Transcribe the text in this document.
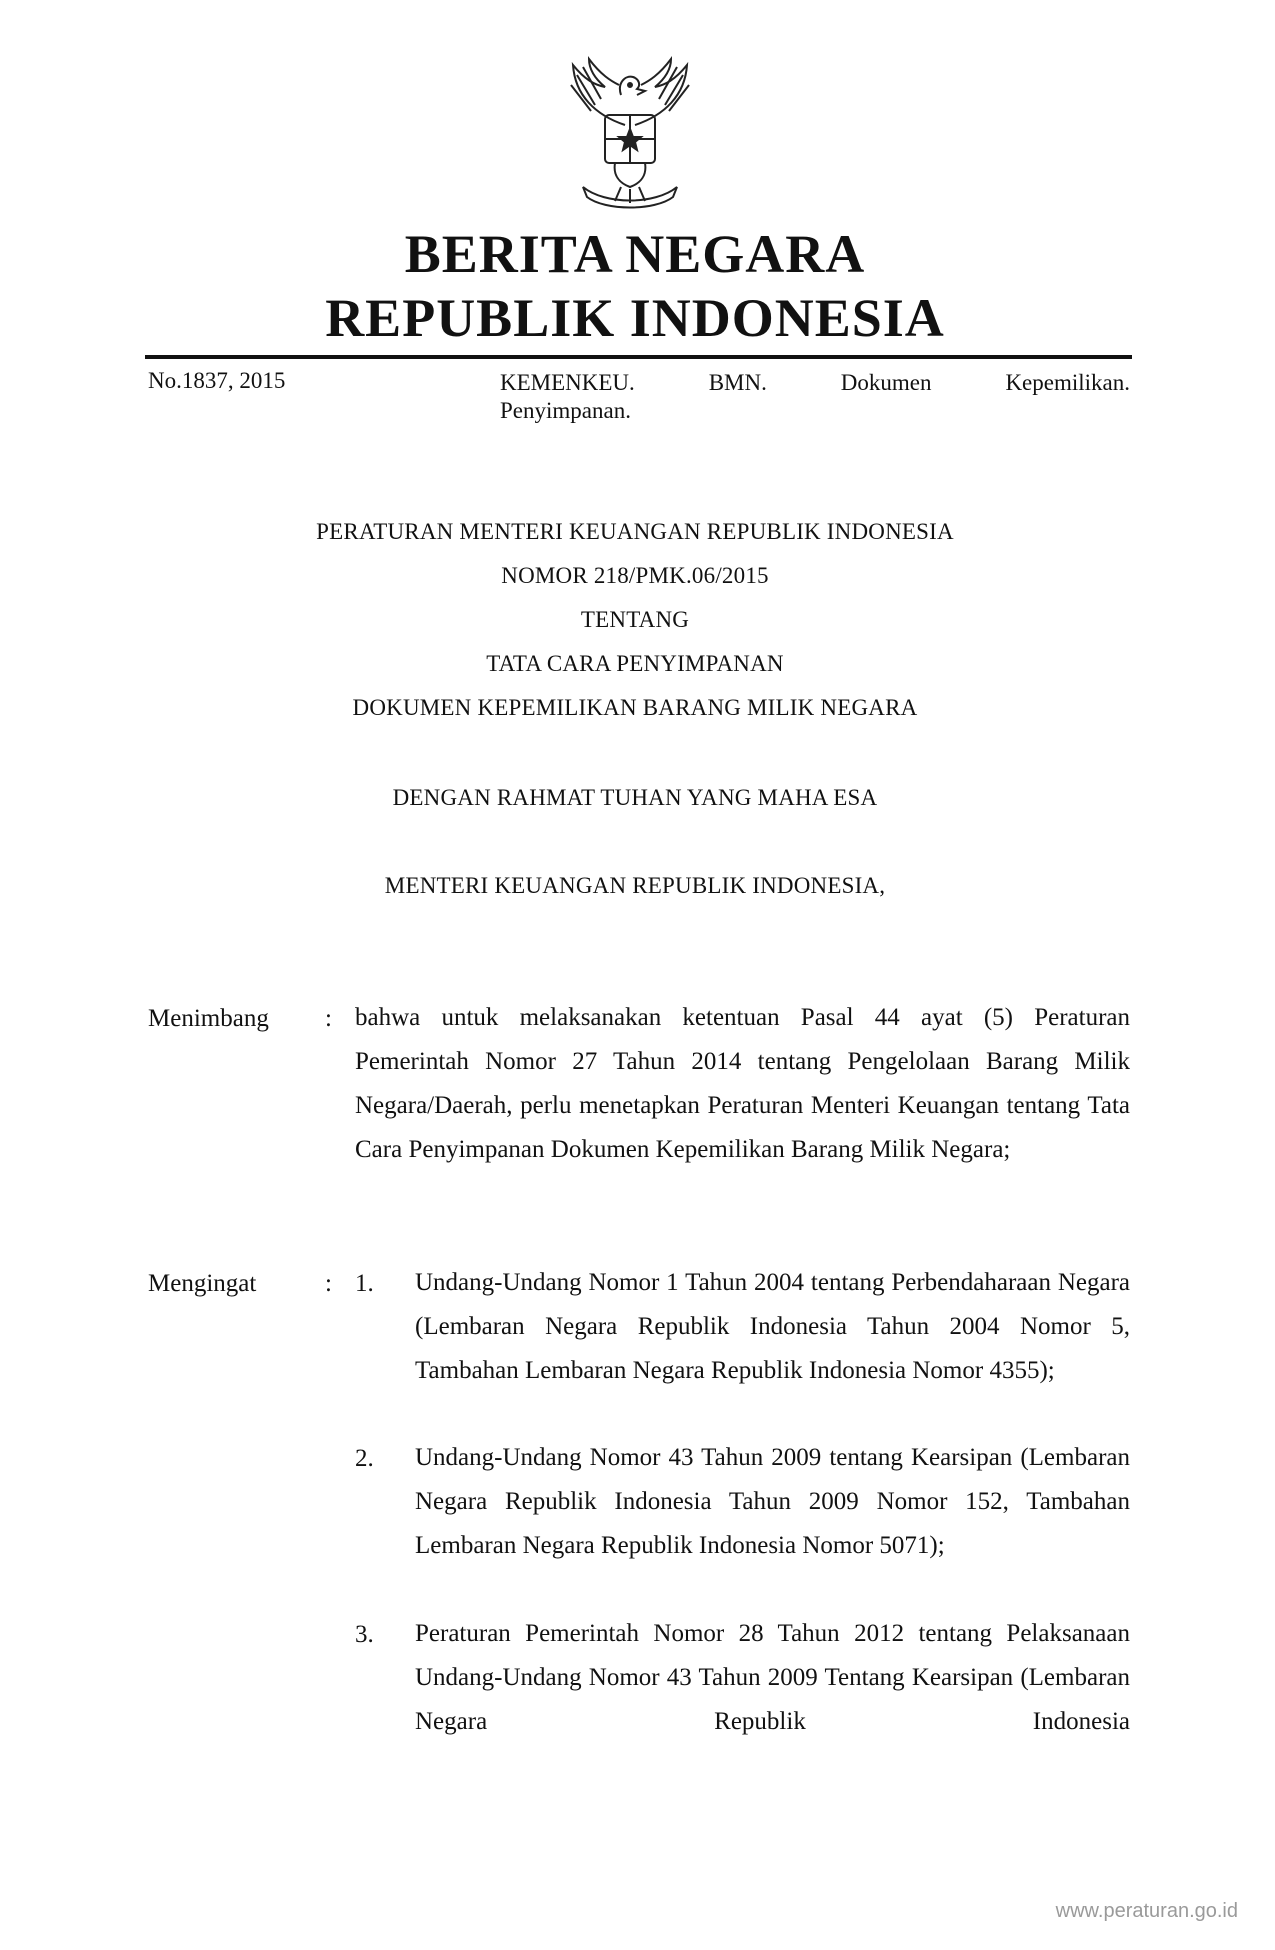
BERITA NEGARA
REPUBLIK INDONESIA
No.1837, 2015	KEMENKEU. BMN. Dokumen Kepemilikan.
Penyimpanan.
PERATURAN MENTERI KEUANGAN REPUBLIK INDONESIA
NOMOR 218/PMK.06/2015
TENTANG
TATA CARA PENYIMPANAN
DOKUMEN KEPEMILIKAN BARANG MILIK NEGARA
DENGAN RAHMAT TUHAN YANG MAHA ESA
MENTERI KEUANGAN REPUBLIK INDONESIA,
Menimbang : bahwa untuk melaksanakan ketentuan Pasal 44 ayat (5) Peraturan Pemerintah Nomor 27 Tahun 2014 tentang Pengelolaan Barang Milik Negara/Daerah, perlu menetapkan Peraturan Menteri Keuangan tentang Tata Cara Penyimpanan Dokumen Kepemilikan Barang Milik Negara;

Mengingat	: 1. Undang-Undang Nomor 1 Tahun 2004 tentang Perbendaharaan Negara (Lembaran Negara Republik Indonesia Tahun 2004 Nomor 5, Tambahan Lembaran Negara Republik Indonesia Nomor 4355);

2. Undang-Undang Nomor 43 Tahun 2009 tentang Kearsipan (Lembaran Negara Republik Indonesia Tahun 2009 Nomor 152, Tambahan Lembaran Negara Republik Indonesia Nomor 5071);

3. Peraturan Pemerintah Nomor 28 Tahun 2012 tentang Pelaksanaan Undang-Undang Nomor 43 Tahun 2009 Tentang Kearsipan (Lembaran Negara Republik Indonesia

www.peraturan.go.id
